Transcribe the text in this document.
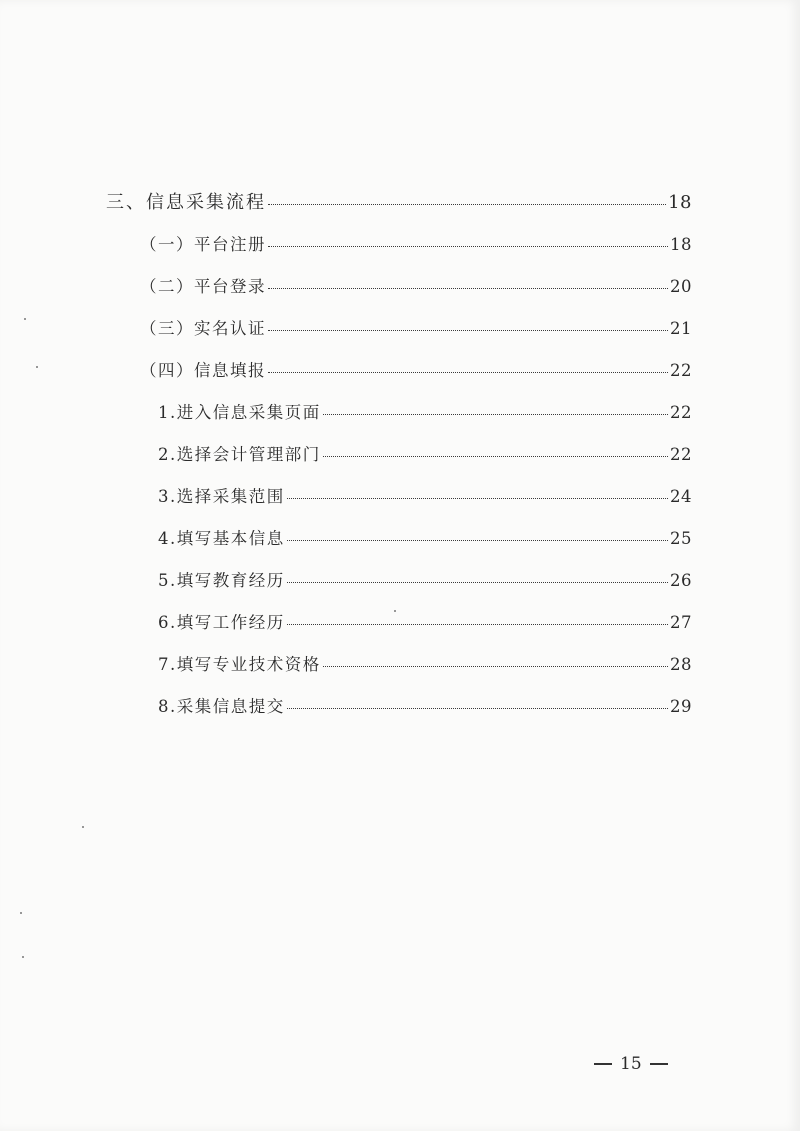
三、信息采集流程	18
（一）平台注册	18
（二）平台登录	20
（三）实名认证	21
（四）信息填报	22
1.进入信息采集页面	22
2.选择会计管理部门	22
3.选择采集范围	24
4.填写基本信息	25
5.填写教育经历	26
6.填写工作经历	27
7.填写专业技术资格	28
8.采集信息提交	29
15
